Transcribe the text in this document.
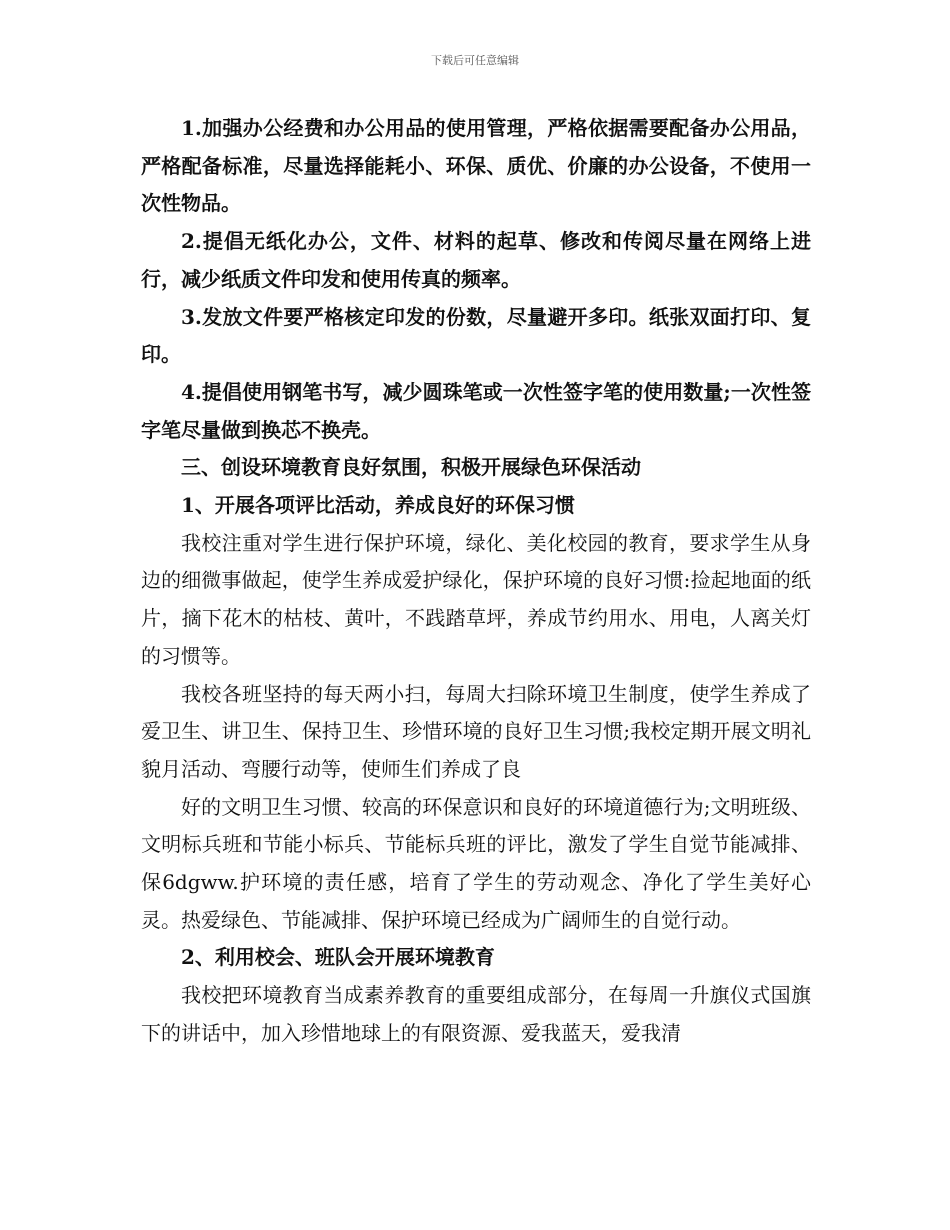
下载后可任意编辑

1.加强办公经费和办公用品的使用管理，严格依据需要配备办公用品，严格配备标准，尽量选择能耗小、环保、质优、价廉的办公设备，不使用一次性物品。

2.提倡无纸化办公，文件、材料的起草、修改和传阅尽量在网络上进行，减少纸质文件印发和使用传真的频率。

3.发放文件要严格核定印发的份数，尽量避开多印。纸张双面打印、复印。

4.提倡使用钢笔书写，减少圆珠笔或一次性签字笔的使用数量;一次性签字笔尽量做到换芯不换壳。

三、创设环境教育良好氛围，积极开展绿色环保活动

1、开展各项评比活动，养成良好的环保习惯

我校注重对学生进行保护环境，绿化、美化校园的教育，要求学生从身边的细微事做起，使学生养成爱护绿化，保护环境的良好习惯:捡起地面的纸片，摘下花木的枯枝、黄叶，不践踏草坪，养成节约用水、用电，人离关灯的习惯等。

我校各班坚持的每天两小扫，每周大扫除环境卫生制度，使学生养成了爱卫生、讲卫生、保持卫生、珍惜环境的良好卫生习惯;我校定期开展文明礼貌月活动、弯腰行动等，使师生们养成了良

好的文明卫生习惯、较高的环保意识和良好的环境道德行为;文明班级、文明标兵班和节能小标兵、节能标兵班的评比，激发了学生自觉节能减排、保6dgww.护环境的责任感，培育了学生的劳动观念、净化了学生美好心灵。热爱绿色、节能减排、保护环境已经成为广阔师生的自觉行动。

2、利用校会、班队会开展环境教育

我校把环境教育当成素养教育的重要组成部分，在每周一升旗仪式国旗下的讲话中，加入珍惜地球上的有限资源、爱我蓝天，爱我清
